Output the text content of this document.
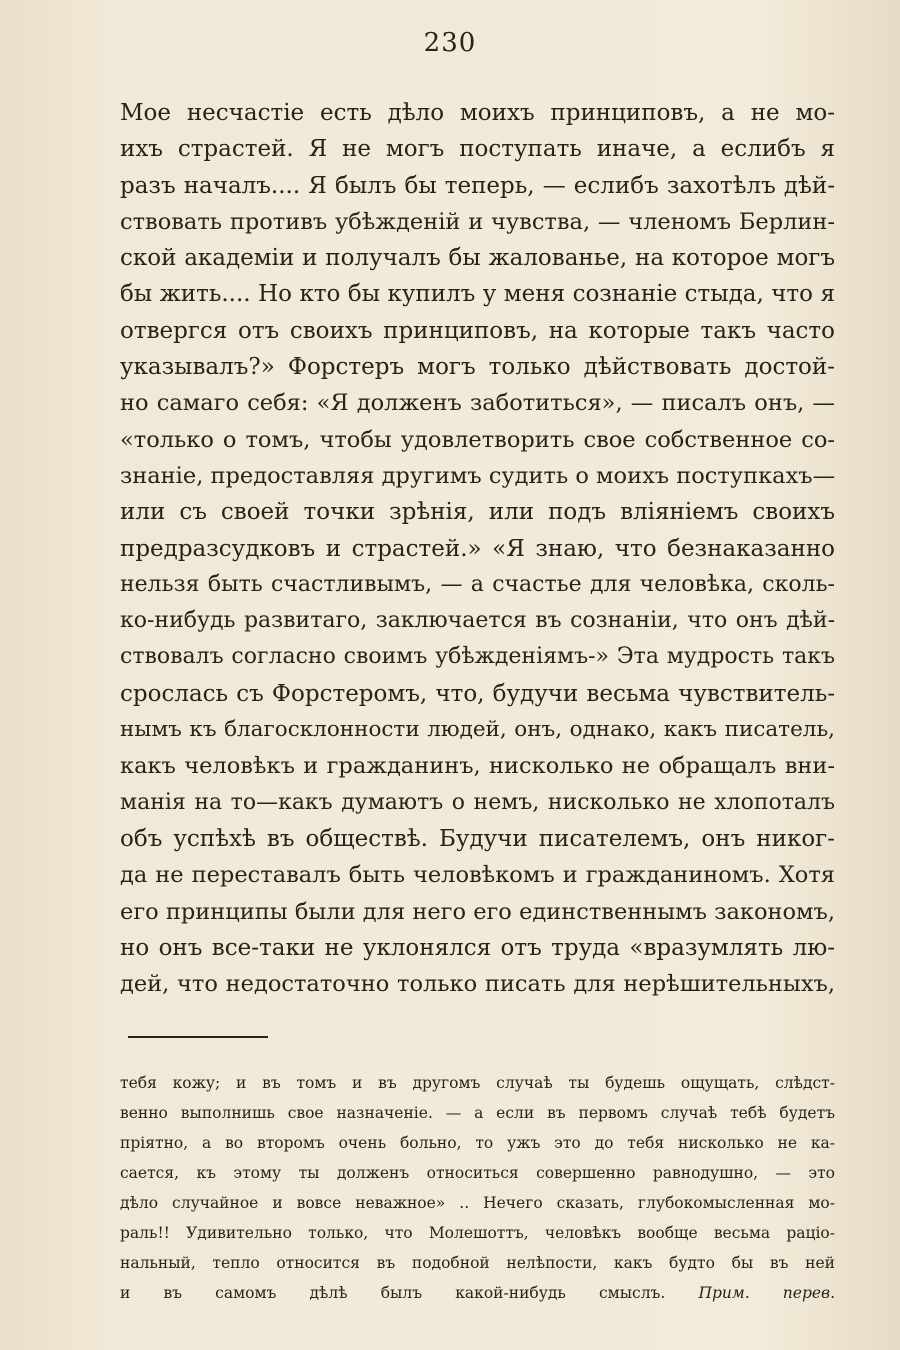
230
Мое несчастіе есть дѣло моихъ принциповъ, а не мо-
ихъ страстей. Я не могъ поступать иначе, а еслибъ я
разъ началъ.... Я былъ бы теперь, — еслибъ захотѣлъ дѣй-
ствовать противъ убѣжденій и чувства, — членомъ Берлин-
ской академіи и получалъ бы жалованье, на которое могъ
бы жить.... Но кто бы купилъ у меня сознаніе стыда, что я
отвергся отъ своихъ принциповъ, на которые такъ часто
указывалъ?» Форстеръ могъ только дѣйствовать достой-
но самаго себя: «Я долженъ заботиться», — писалъ онъ, —
«только о томъ, чтобы удовлетворить свое собственное со-
знаніе, предоставляя другимъ судить о моихъ поступкахъ—
или съ своей точки зрѣнія, или подъ вліяніемъ своихъ
предразсудковъ и страстей.» «Я знаю, что безнаказанно
нельзя быть счастливымъ, — а счастье для человѣка, сколь-
ко-нибудь развитаго, заключается въ сознаніи, что онъ дѣй-
ствовалъ согласно своимъ убѣжденіямъ-» Эта мудрость такъ
срослась съ Форстеромъ, что, будучи весьма чувствитель-
нымъ къ благосклонности людей, онъ, однако, какъ писатель,
какъ человѣкъ и гражданинъ, нисколько не обращалъ вни-
манія на то—какъ думаютъ о немъ, нисколько не хлопоталъ
объ успѣхѣ въ обществѣ. Будучи писателемъ, онъ никог-
да не переставалъ быть человѣкомъ и гражданиномъ. Хотя
его принципы были для него его единственнымъ закономъ,
но онъ все-таки не уклонялся отъ труда «вразумлять лю-
дей, что недостаточно только писать для нерѣшительныхъ,
тебя кожу; и въ томъ и въ другомъ случаѣ ты будешь ощущать, слѣдст-
венно выполнишь свое назначеніе. — а если въ первомъ случаѣ тебѣ будетъ
пріятно, а во второмъ очень больно, то ужъ это до тебя нисколько не ка-
сается, къ этому ты долженъ относиться совершенно равнодушно, — это
дѣло случайное и вовсе неважное» .. Нечего сказать, глубокомысленная мо-
раль!! Удивительно только, что Молешоттъ, человѣкъ вообще весьма раціо-
нальный, тепло относится въ подобной нелѣпости, какъ будто бы въ ней
и въ самомъ дѣлѣ былъ какой-нибудь смыслъ. Прим. перев.
